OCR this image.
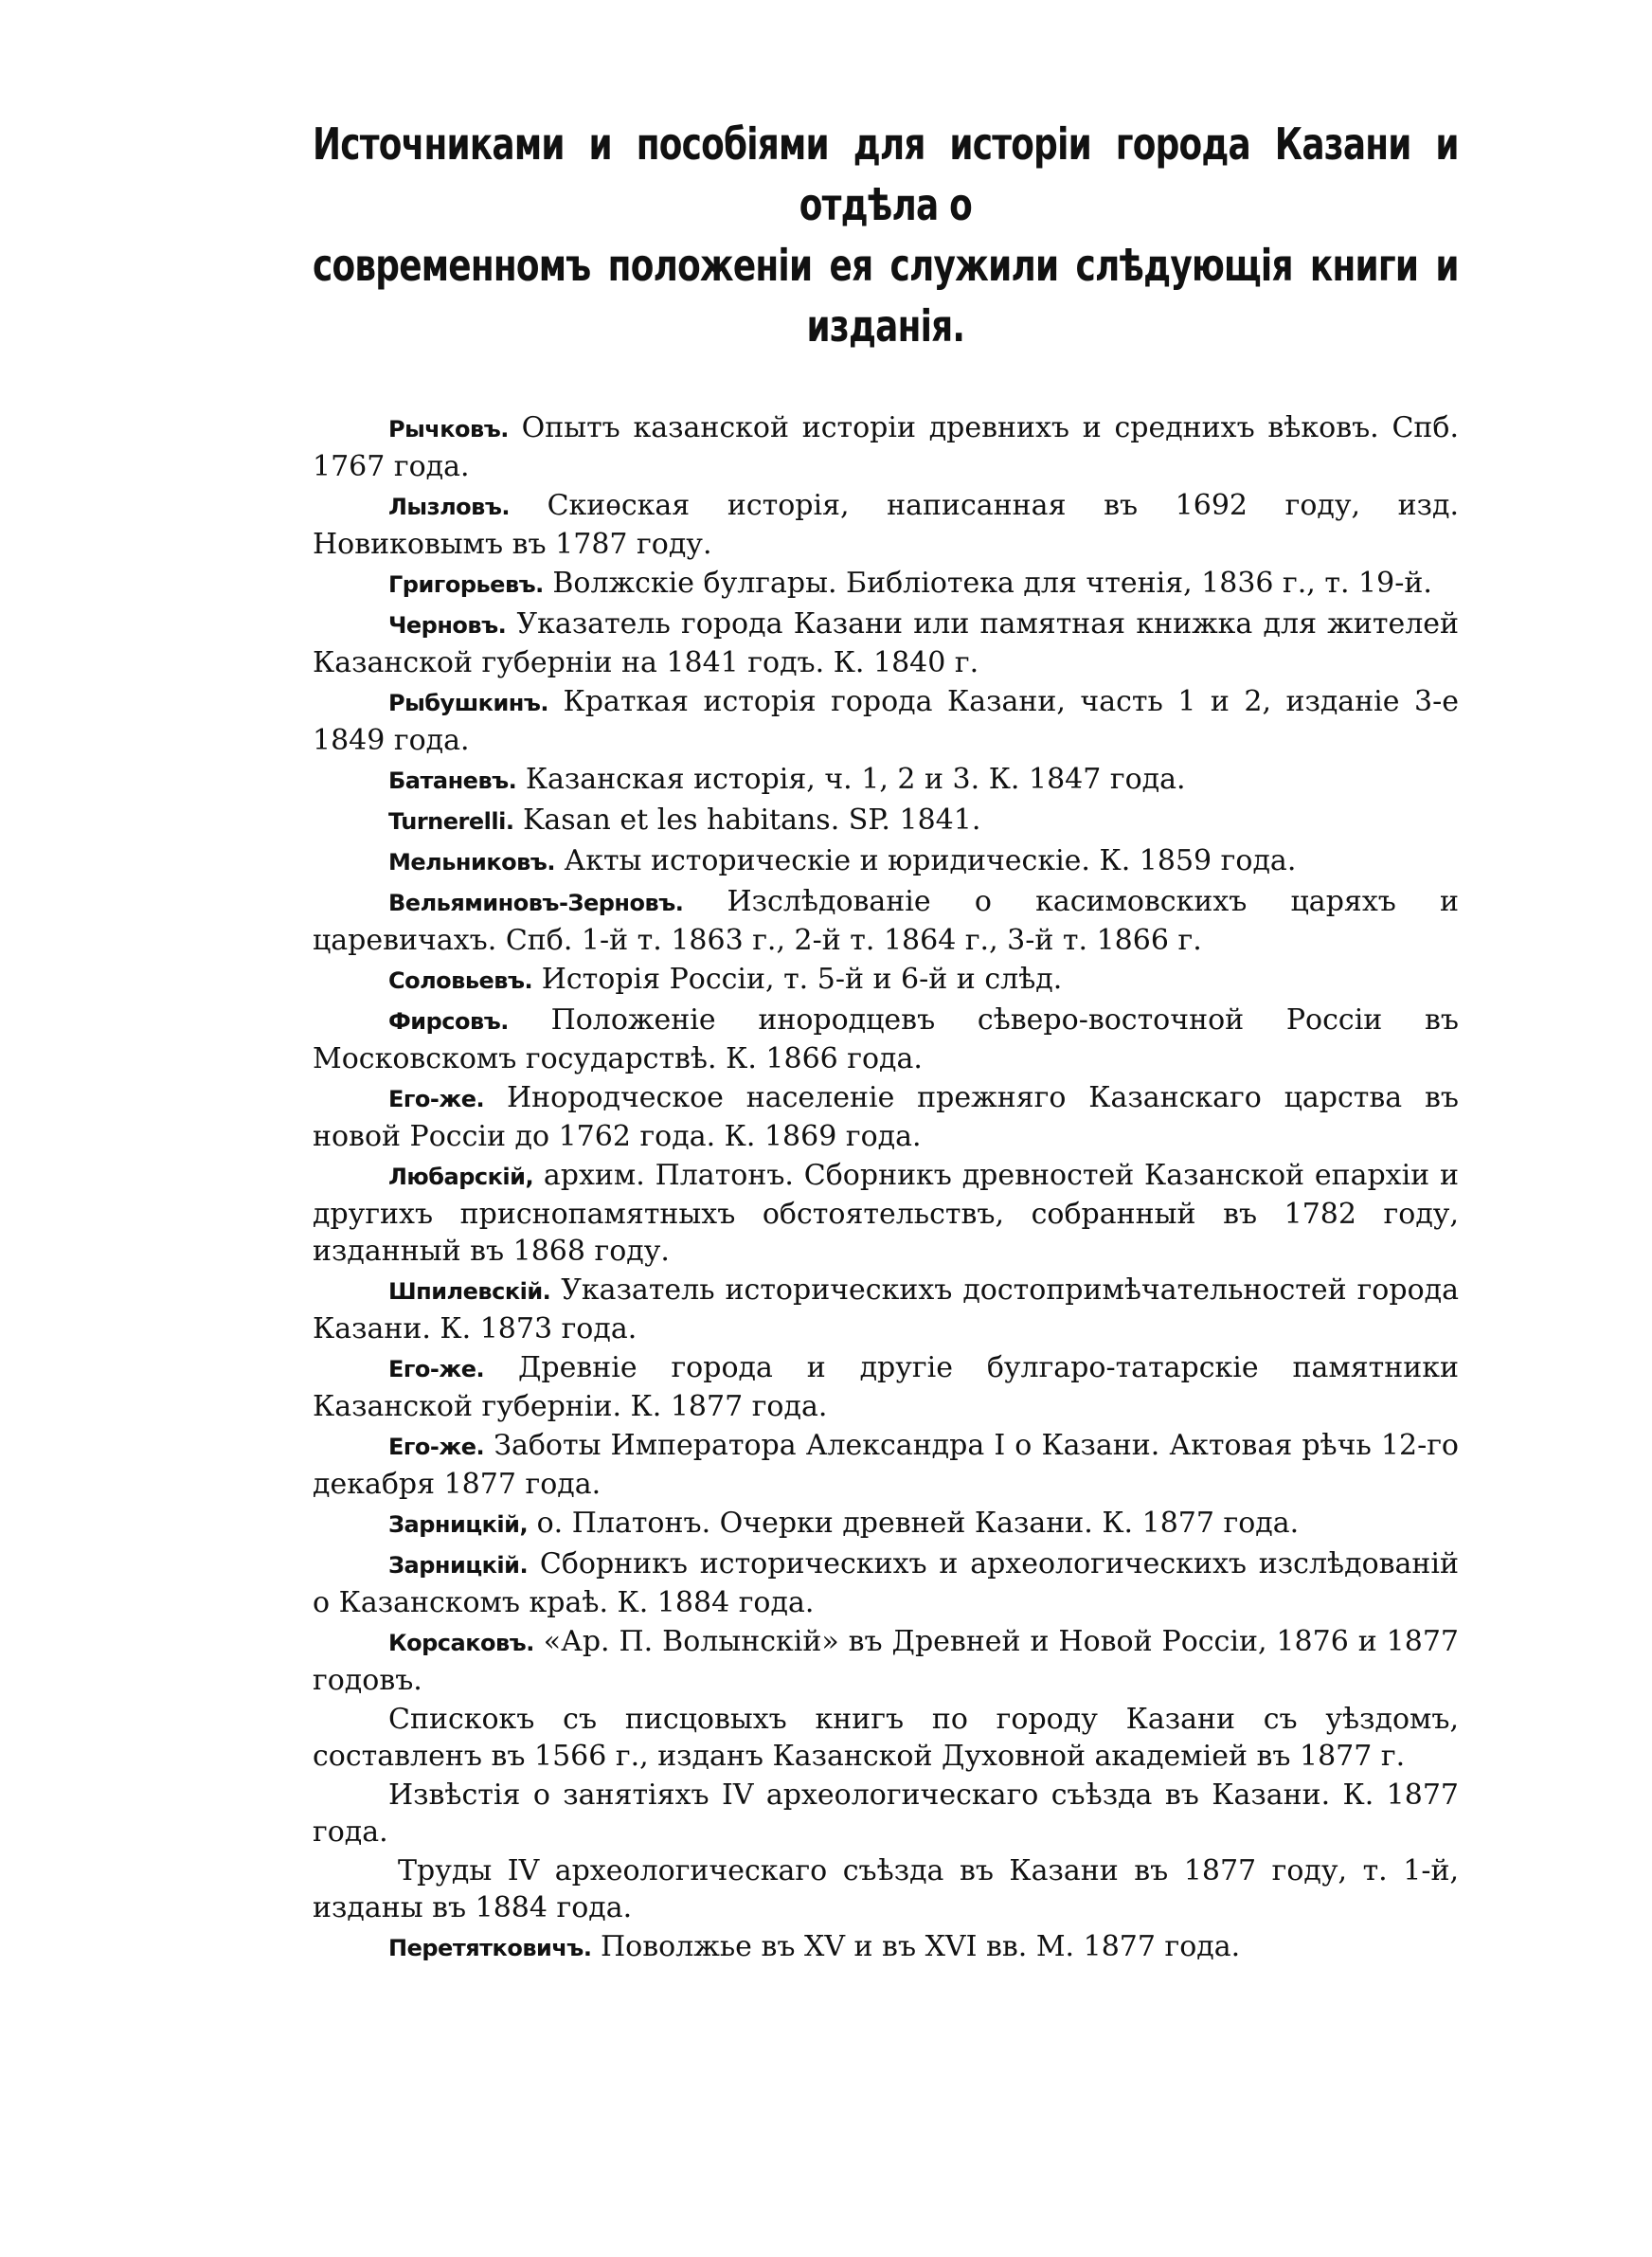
Источниками и пособіями для исторіи города Казани и отдѣла о
современномъ положеніи ея служили слѣдующія книги и изданія.

Рычковъ. Опытъ казанской исторіи древнихъ и среднихъ вѣковъ. Спб. 1767 года.

Лызловъ. Скиѳская исторія, написанная въ 1692 году, изд. Новиковымъ въ 1787 году.

Григорьевъ. Волжскіе булгары. Библіотека для чтенія, 1836 г., т. 19-й.

Черновъ. Указатель города Казани или памятная книжка для жителей Казанской губерніи на 1841 годъ. К. 1840 г.

Рыбушкинъ. Краткая исторія города Казани, часть 1 и 2, изданіе 3-е 1849 года.

Батаневъ. Казанская исторія, ч. 1, 2 и 3. К. 1847 года.

Turnerelli. Kasan et les habitans. SP. 1841.

Мельниковъ. Акты историческіе и юридическіе. К. 1859 года.

Вельяминовъ-Зерновъ. Изслѣдованіе о касимовскихъ царяхъ и царевичахъ. Спб. 1-й т. 1863 г., 2-й т. 1864 г., 3-й т. 1866 г.

Соловьевъ. Исторія Россіи, т. 5-й и 6-й и слѣд.

Фирсовъ. Положеніе инородцевъ сѣверо-восточной Россіи въ Московскомъ государствѣ. К. 1866 года.

Его-же. Инородческое населеніе прежняго Казанскаго царства въ новой Россіи до 1762 года. К. 1869 года.

Любарскій, архим. Платонъ. Сборникъ древностей Казанской епархіи и другихъ приснопамятныхъ обстоятельствъ, собранный въ 1782 году, изданный въ 1868 году.

Шпилевскій. Указатель историческихъ достопримѣчательностей города Казани. К. 1873 года.

Его-же. Древніе города и другіе булгаро-татарскіе памятники Казанской губерніи. К. 1877 года.

Его-же. Заботы Императора Александра I о Казани. Актовая рѣчь 12-го декабря 1877 года.

Зарницкій, о. Платонъ. Очерки древней Казани. К. 1877 года.

Зарницкій. Сборникъ историческихъ и археологическихъ изслѣдованій о Казанскомъ краѣ. К. 1884 года.

Корсаковъ. «Ар. П. Волынскій» въ Древней и Новой Россіи, 1876 и 1877 годовъ.

Спискокъ съ писцовыхъ книгъ по городу Казани съ уѣздомъ, составленъ въ 1566 г., изданъ Казанской Духовной академіей въ 1877 г.

Извѣстія о занятіяхъ IV археологическаго съѣзда въ Казани. К. 1877 года.

Труды IV археологическаго съѣзда въ Казани въ 1877 году, т. 1-й, изданы въ 1884 года.

Перетятковичъ. Поволжье въ XV и въ XVI вв. М. 1877 года.
